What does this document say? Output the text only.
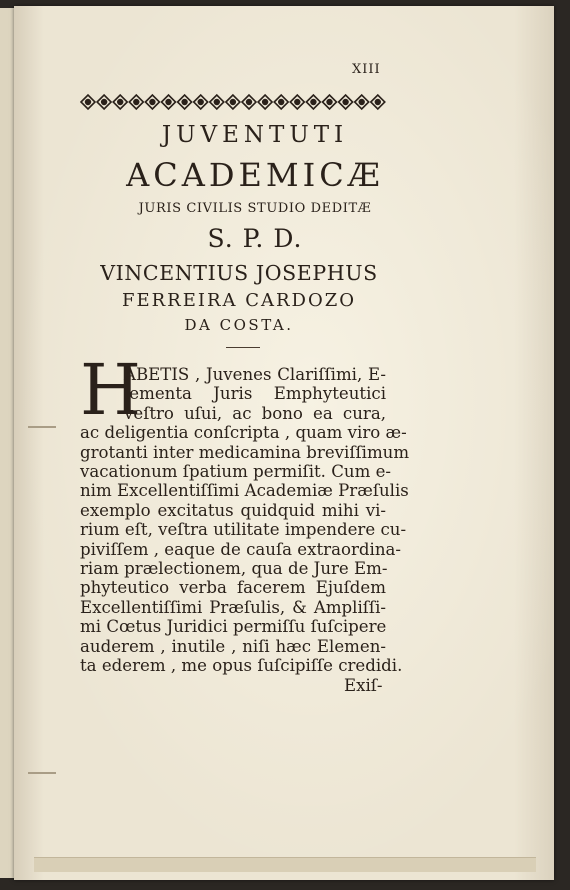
XIII
JUVENTUTI
ACADEMICÆ
JURIS CIVILIS STUDIO DEDITÆ
S. P. D.
VINCENTIUS JOSEPHUS
FERREIRA CARDOZO
DA COSTA.
H
ABETIS , Juvenes Clariſſimi, E-
lementa Juris Emphyteutici
veſtro uſui, ac bono ea cura,
ac deligentia conſcripta , quam viro æ-
grotanti inter medicamina breviſſimum
vacationum ſpatium permiſit. Cum e-
nim Excellentiſſimi Academiæ Præſulis
exemplo excitatus quidquid mihi vi-
rium eſt, veſtra utilitate impendere cu-
piviſſem , eaque de cauſa extraordina-
riam prælectionem, qua de Jure Em-
phyteutico verba facerem Ejuſdem
Excellentiſſimi Præſulis, & Ampliſſi-
mi Cœtus Juridici permiſſu ſuſcipere
auderem , inutile , niſi hæc Elemen-
ta ederem , me opus ſuſcipiſſe credidi.
Exiſ-
